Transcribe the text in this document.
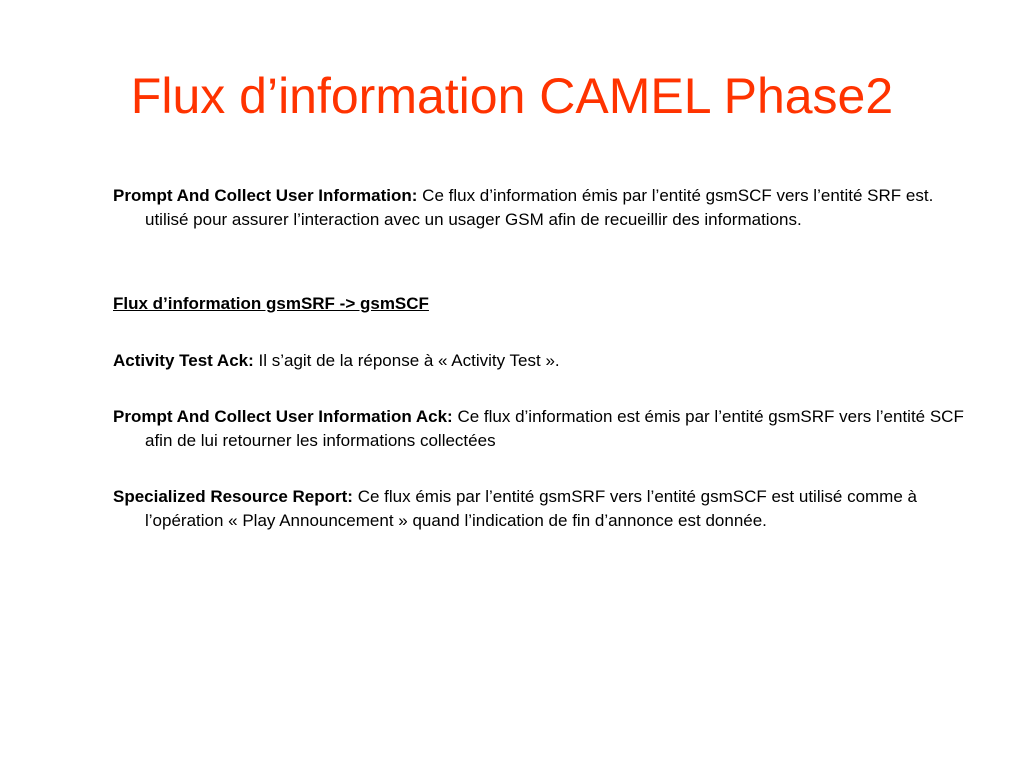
Flux d’information CAMEL Phase2

Prompt And Collect User Information: Ce flux d’information émis par l’entité gsmSCF vers l’entité SRF est. utilisé pour assurer l’interaction avec un usager GSM afin de recueillir des informations.

Flux d’information gsmSRF -> gsmSCF

Activity Test Ack: Il s’agit de la réponse à « Activity Test ».

Prompt And Collect User Information Ack: Ce flux d’information est émis par l’entité gsmSRF vers l’entité SCF afin de lui retourner les informations collectées

Specialized Resource Report: Ce flux émis par l’entité gsmSRF vers l’entité gsmSCF est utilisé comme à l’opération « Play Announcement » quand l’indication de fin d’annonce est donnée.
